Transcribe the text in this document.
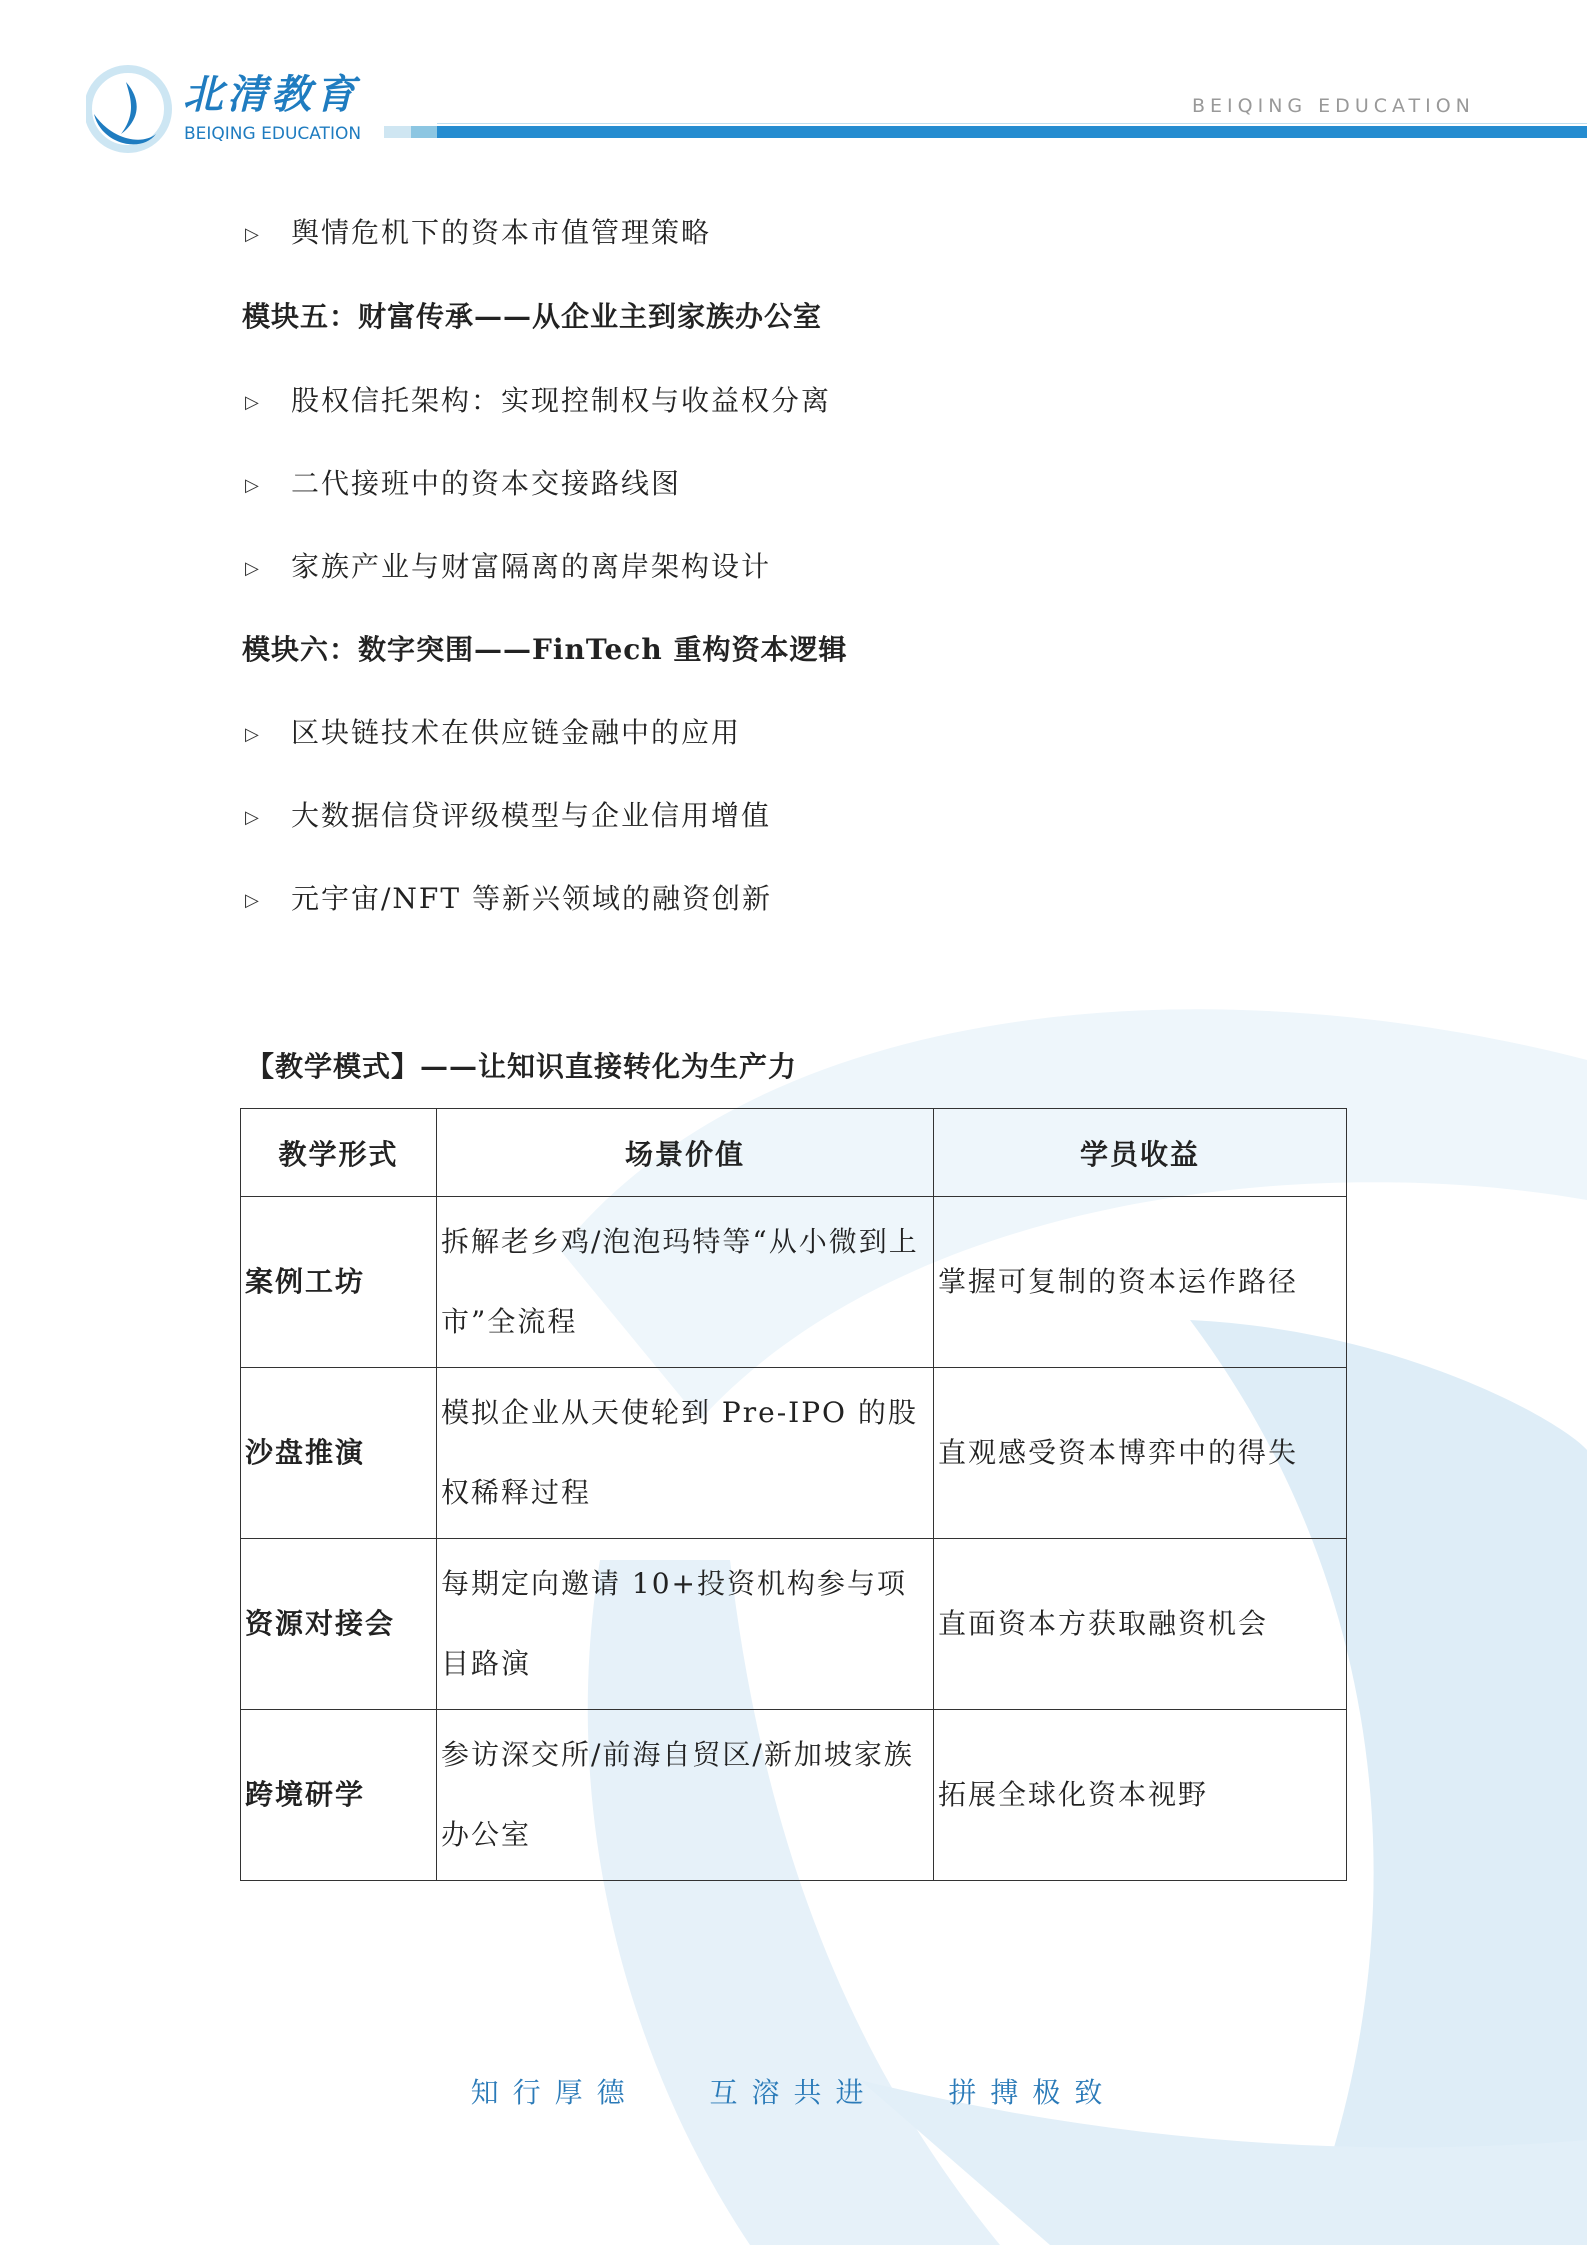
北清教育
BEIQING EDUCATION
BEIQING EDUCATION
▷ 舆情危机下的资本市值管理策略
模块五：财富传承——从企业主到家族办公室
▷ 股权信托架构：实现控制权与收益权分离
▷ 二代接班中的资本交接路线图
▷ 家族产业与财富隔离的离岸架构设计
模块六：数字突围——FinTech 重构资本逻辑
▷ 区块链技术在供应链金融中的应用
▷ 大数据信贷评级模型与企业信用增值
▷ 元宇宙/NFT 等新兴领域的融资创新
【教学模式】——让知识直接转化为生产力
教学形式	场景价值	学员收益
案例工坊	拆解老乡鸡/泡泡玛特等“从小微到上市”全流程	掌握可复制的资本运作路径
沙盘推演	模拟企业从天使轮到 Pre-IPO 的股权稀释过程	直观感受资本博弈中的得失
资源对接会	每期定向邀请 10+投资机构参与项目路演	直面资本方获取融资机会
跨境研学	参访深交所/前海自贸区/新加坡家族办公室	拓展全球化资本视野
知行厚德	互溶共进	拼搏极致
